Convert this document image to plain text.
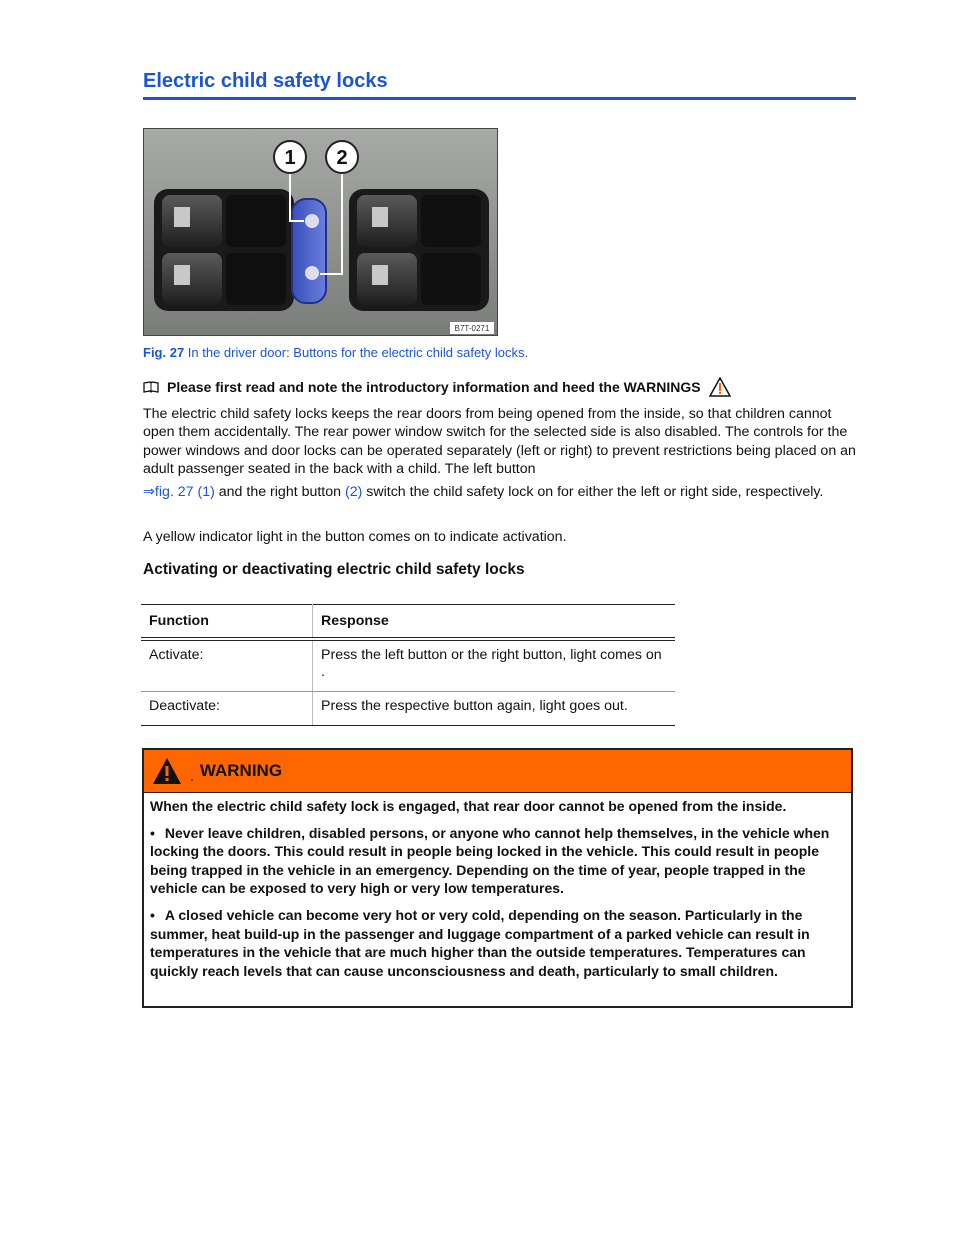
Electric child safety locks
1 2
B7T-0271
Fig. 27 In the driver door: Buttons for the electric child safety locks.
Please first read and note the introductory information and heed the WARNINGS

The electric child safety locks keeps the rear doors from being opened from the inside, so that children cannot open them accidentally. The rear power window switch for the selected side is also disabled. The controls for the power windows and door locks can be operated separately (left or right) to prevent restrictions being placed on an adult passenger seated in the back with a child. The left button

⇒fig. 27 (1) and the right button (2) switch the child safety lock on for either the left or right side, respectively.

A yellow indicator light in the button comes on to indicate activation.

Activating or deactivating electric child safety locks
Function	Response
Activate:	Press the left button or the right button, light comes on .
Deactivate:	Press the respective button again, light goes out.
. WARNING

When the electric child safety lock is engaged, that rear door cannot be opened from the inside.

• Never leave children, disabled persons, or anyone who cannot help themselves, in the vehicle when locking the doors. This could result in people being locked in the vehicle. This could result in people being trapped in the vehicle in an emergency. Depending on the time of year, people trapped in the vehicle can be exposed to very high or very low temperatures.

• A closed vehicle can become very hot or very cold, depending on the season. Particularly in the summer, heat build-up in the passenger and luggage compartment of a parked vehicle can result in temperatures in the vehicle that are much higher than the outside temperatures. Temperatures can quickly reach levels that can cause unconsciousness and death, particularly to small children.
